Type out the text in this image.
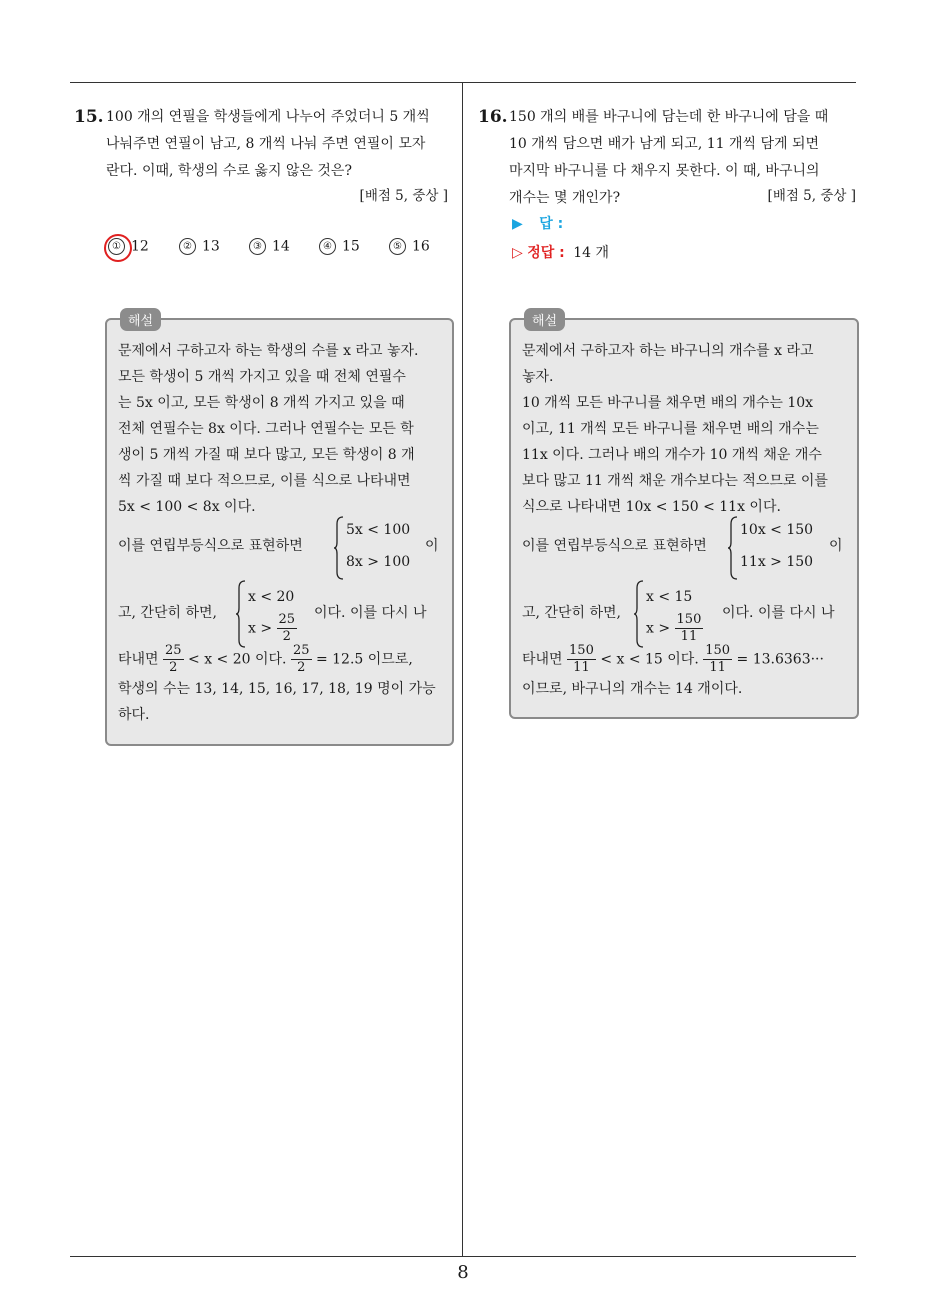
15. 100 개의 연필을 학생들에게 나누어 주었더니 5 개씩
나눠주면 연필이 남고, 8 개씩 나눠 주면 연필이 모자
란다. 이때, 학생의 수로 옳지 않은 것은?
[배점 5, 중상 ]
① 12	② 13	③ 14	④ 15	⑤ 16
해설
문제에서 구하고자 하는 학생의 수를 x 라고 놓자.
모든 학생이 5 개씩 가지고 있을 때 전체 연필수
는 5x 이고, 모든 학생이 8 개씩 가지고 있을 때
전체 연필수는 8x 이다. 그러나 연필수는 모든 학
생이 5 개씩 가질 때 보다 많고, 모든 학생이 8 개
씩 가질 때 보다 적으므로, 이를 식으로 나타내면
5x < 100 < 8x 이다.
이를 연립부등식으로 표현하면
5x < 100
8x > 100
이
고, 간단히 하면,
x < 20
$x > \frac{25}{2}$ 이다. 이를 다시 나
타내면 $\frac{25}{2} < x < 20$ 이다. $\frac{25}{2} = 12.5$ 이므로,
학생의 수는 13, 14, 15, 16, 17, 18, 19 명이 가능
하다.
16. 150 개의 배를 바구니에 담는데 한 바구니에 담을 때
10 개씩 담으면 배가 남게 되고, 11 개씩 담게 되면
마지막 바구니를 다 채우지 못한다. 이 때, 바구니의
개수는 몇 개인가?	[배점 5, 중상 ]
▶ 답 :
▷ 정답 : 14 개
해설
문제에서 구하고자 하는 바구니의 개수를 x 라고
놓자.
10 개씩 모든 바구니를 채우면 배의 개수는 10x
이고, 11 개씩 모든 바구니를 채우면 배의 개수는
11x 이다. 그러나 배의 개수가 10 개씩 채운 개수
보다 많고 11 개씩 채운 개수보다는 적으므로 이를
식으로 나타내면 10x < 150 < 11x 이다.
이를 연립부등식으로 표현하면
10x < 150
11x > 150
이
고, 간단히 하면,
x < 15
$x > \frac{150}{11}$ 이다. 이를 다시 나
타내면 $\frac{150}{11} < x < 15$ 이다. $\frac{150}{11} = 13.6363\cdot\cdot\cdot$
이므로, 바구니의 개수는 14 개이다.
8
